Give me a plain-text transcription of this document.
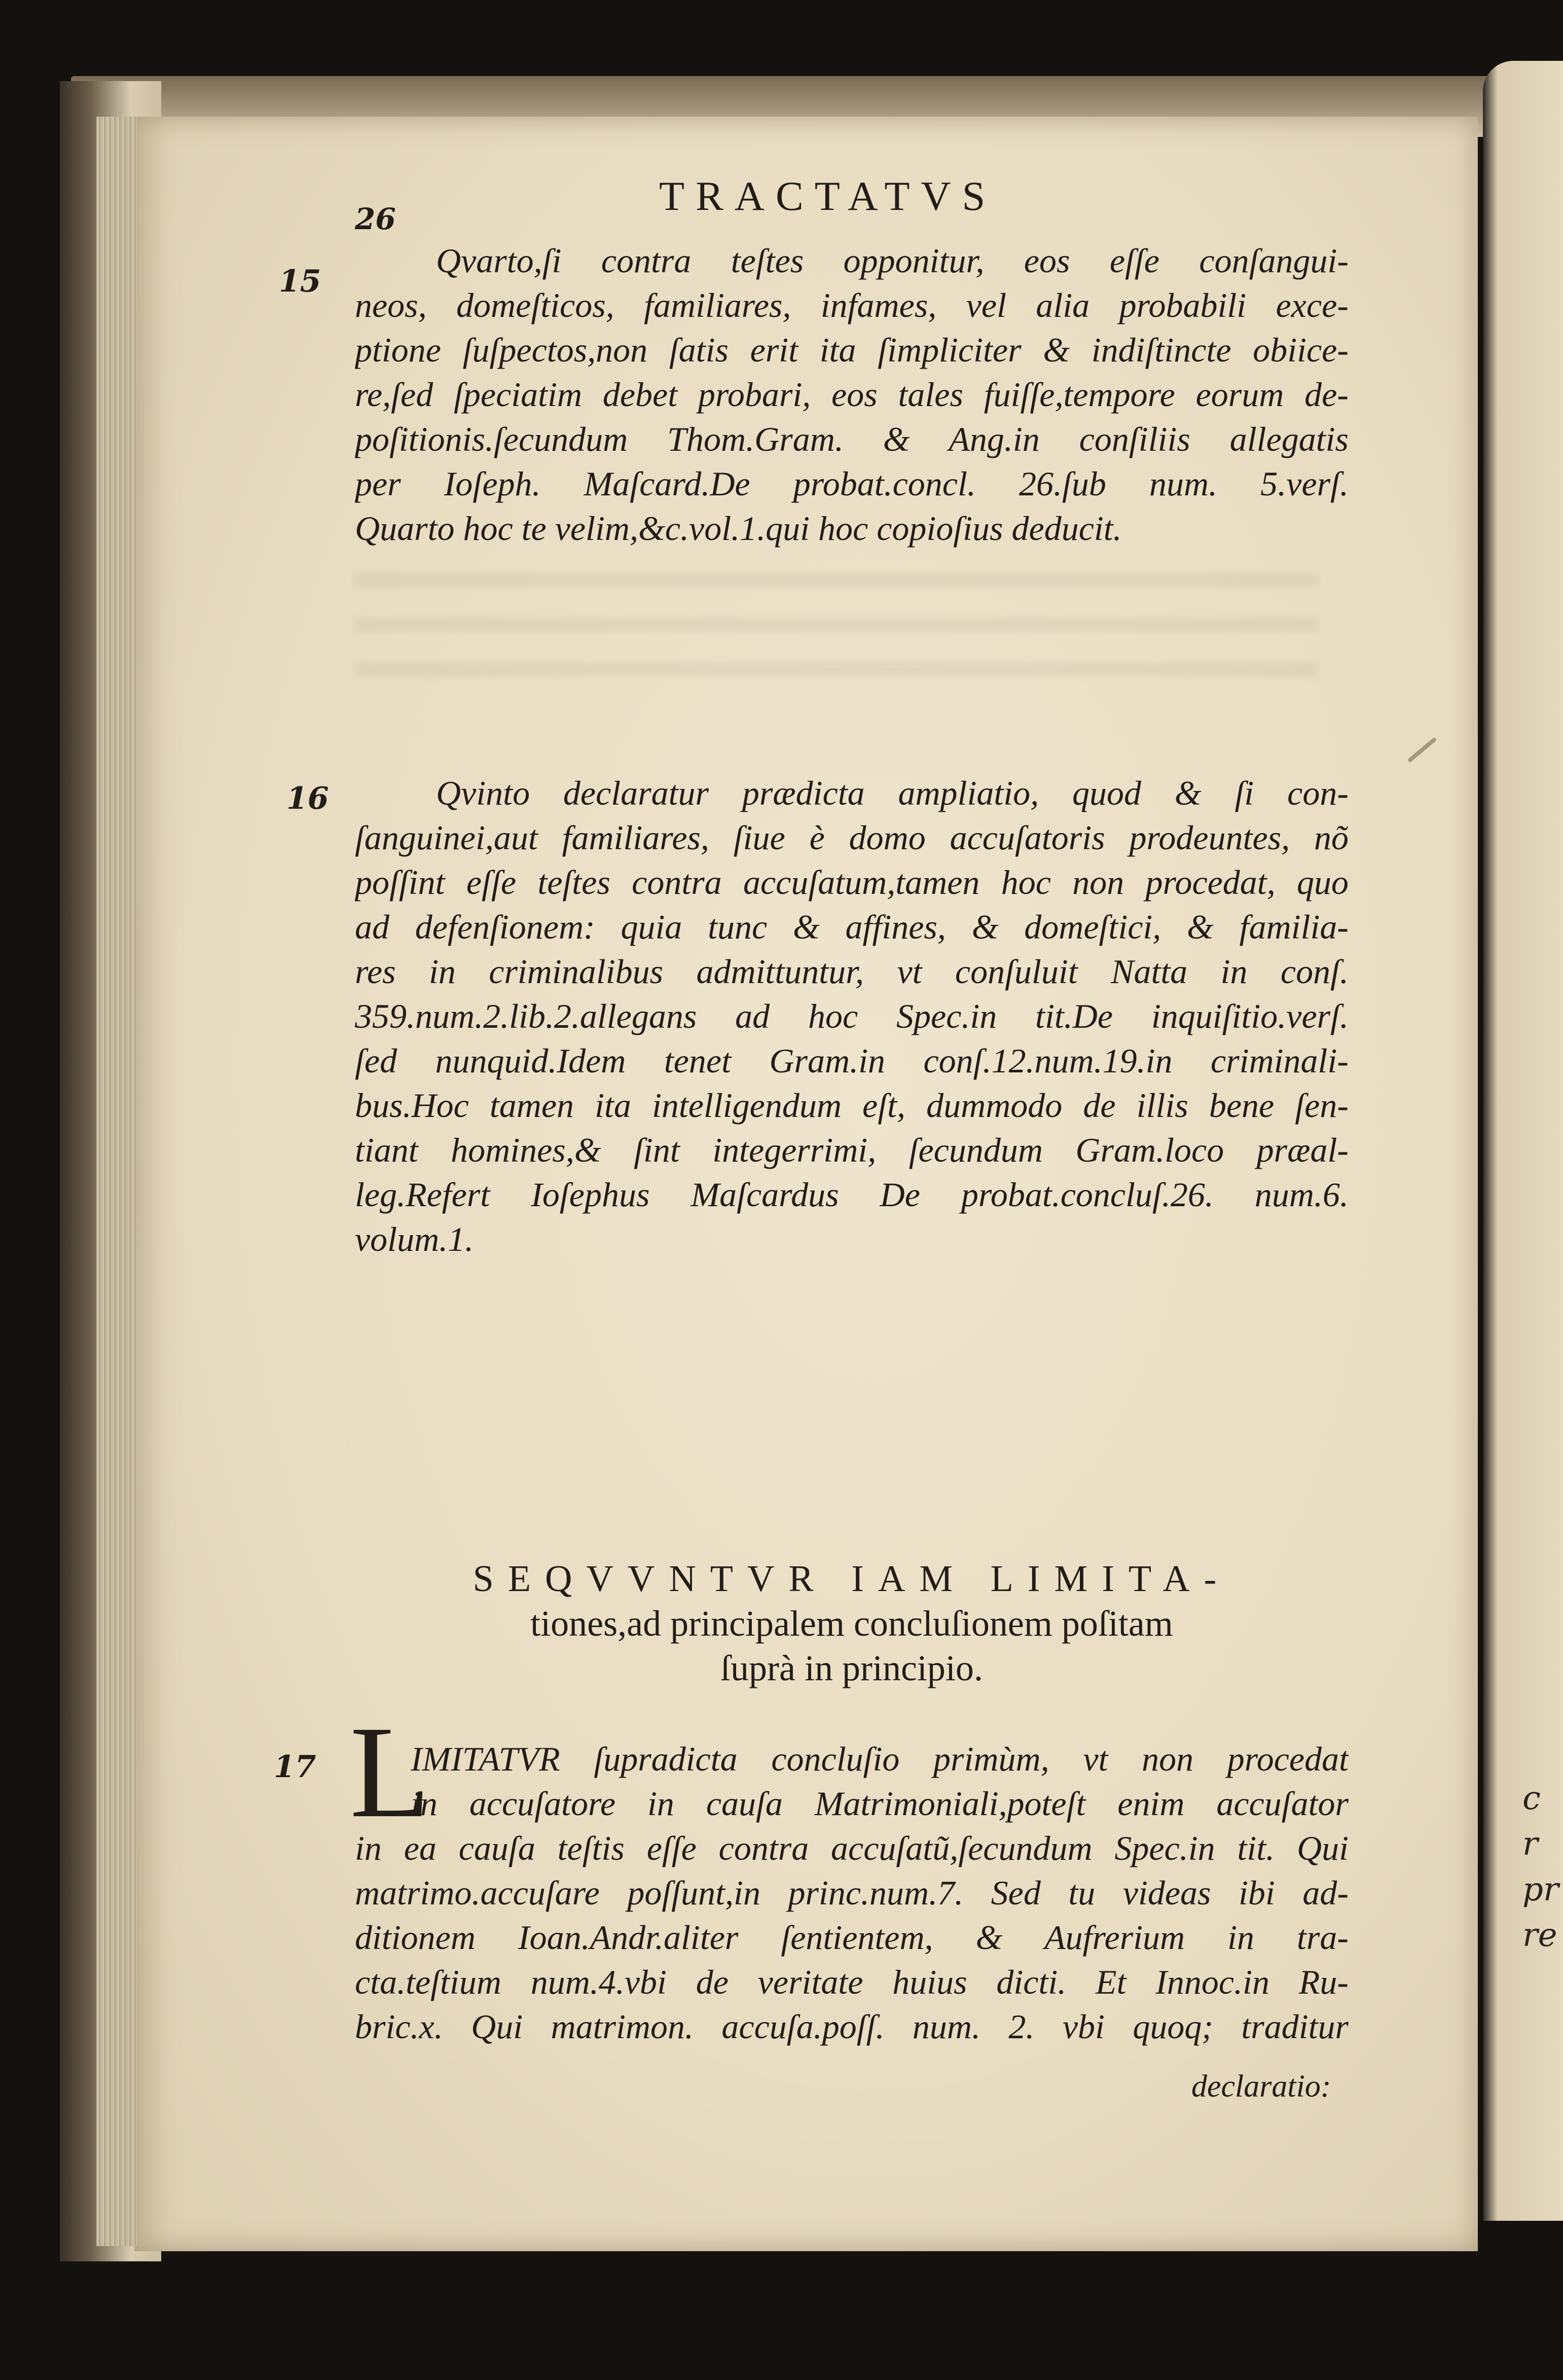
c
r
pr
re
26	TRACTATVS
15
16
17
Qvarto,ſi contra teſtes opponitur, eos eſſe conſangui-
neos, domeſticos, familiares, infames, vel alia probabili exce-
ptione ſuſpectos,non ſatis erit ita ſimpliciter & indiſtincte obiice-
re,ſed ſpeciatim debet probari, eos tales fuiſſe,tempore eorum de-
poſitionis.ſecundum Thom.Gram. & Ang.in conſiliis allegatis
per Ioſeph. Maſcard.De probat.concl. 26.ſub num. 5.verſ.
Quarto hoc te velim,&c.vol.1.qui hoc copioſius deducit.
Qvinto declaratur prædicta ampliatio, quod & ſi con-
ſanguinei,aut familiares, ſiue è domo accuſatoris prodeuntes, nõ
poſſint eſſe teſtes contra accuſatum,tamen hoc non procedat, quo
ad defenſionem: quia tunc & affines, & domeſtici, & familia-
res in criminalibus admittuntur, vt conſuluit Natta in conſ.
359.num.2.lib.2.allegans ad hoc Spec.in tit.De inquiſitio.verſ.
ſed nunquid.Idem tenet Gram.in conſ.12.num.19.in criminali-
bus.Hoc tamen ita intelligendum eſt, dummodo de illis bene ſen-
tiant homines,& ſint integerrimi, ſecundum Gram.loco præal-
leg.Refert Ioſephus Maſcardus De probat.concluſ.26. num.6.
volum.1.
SEQVVNTVR IAM LIMITA-
tiones,ad principalem concluſionem poſitam
ſuprà in principio.
L
IMITATVR ſupradicta concluſio primùm, vt non procedat
in accuſatore in cauſa Matrimoniali,poteſt enim accuſator
in ea cauſa teſtis eſſe contra accuſatũ,ſecundum Spec.in tit. Qui
matrimo.accuſare poſſunt,in princ.num.7. Sed tu videas ibi ad-
ditionem Ioan.Andr.aliter ſentientem, & Aufrerium in tra-
cta.teſtium num.4.vbi de veritate huius dicti. Et Innoc.in Ru-
bric.x. Qui matrimon. accuſa.poſſ. num. 2. vbi quoq; traditur
declaratio:
